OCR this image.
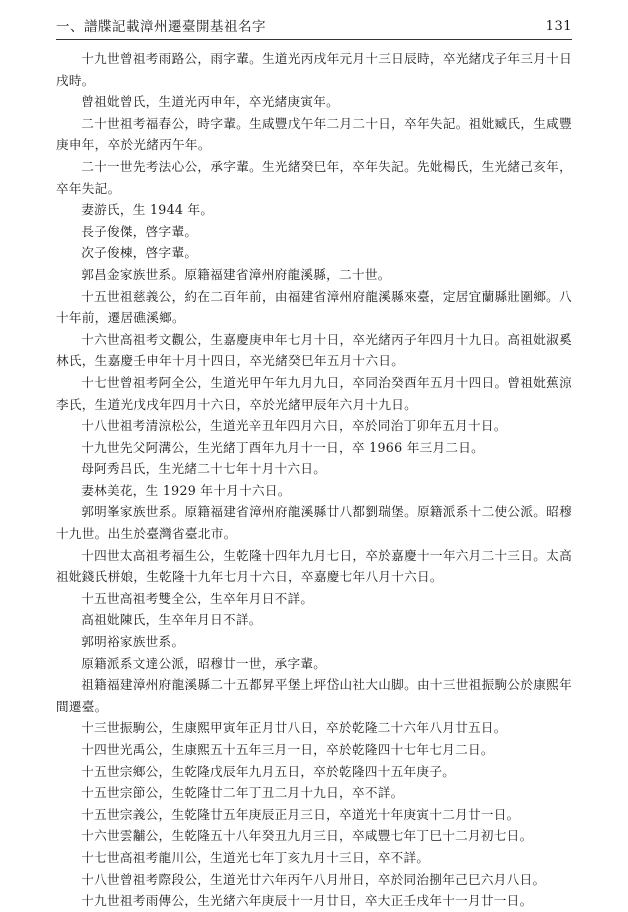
一、譜牒記載漳州遷臺開基祖名字	131

十九世曾祖考雨路公，雨字輩。生道光丙戌年元月十三日辰時，卒光緒戊子年三月十日戌時。

曾祖妣曾氏，生道光丙申年，卒光緒庚寅年。

二十世祖考福春公，時字輩。生咸豐戊午年二月二十日，卒年失記。祖妣臧氏，生咸豐庚申年，卒於光緒丙午年。

二十一世先考法心公，承字輩。生光緒癸巳年，卒年失記。先妣楊氏，生光緒己亥年，卒年失記。

妻游氏，生 1944 年。

長子俊傑，啓字輩。

次子俊棟，啓字輩。

郭昌金家族世系。原籍福建省漳州府龍溪縣，二十世。

十五世祖慈義公，約在二百年前，由福建省漳州府龍溪縣來臺，定居宜蘭縣壯圍鄉。八十年前，遷居礁溪鄉。

十六世高祖考文觀公，生嘉慶庚申年七月十日，卒光緒丙子年四月十九日。高祖妣淑奚林氏，生嘉慶壬申年十月十四日，卒光緒癸巳年五月十六日。

十七世曾祖考阿全公，生道光甲午年九月九日，卒同治癸酉年五月十四日。曾祖妣蕉涼李氏，生道光戊戌年四月十六日，卒於光緒甲辰年六月十九日。

十八世祖考清涼松公，生道光辛丑年四月六日，卒於同治丁卯年五月十日。

十九世先父阿溝公，生光緒丁酉年九月十一日，卒 1966 年三月二日。

母阿秀吕氏，生光緒二十七年十月十六日。

妻林美花，生 1929 年十月十六日。

郭明峯家族世系。原籍福建省漳州府龍溪縣廿八都劉瑞堡。原籍派系十二使公派。昭穆十九世。出生於臺灣省臺北市。

十四世太高祖考福生公，生乾隆十四年九月七日，卒於嘉慶十一年六月二十三日。太高祖妣錢氏栟娘，生乾隆十九年七月十六日，卒嘉慶七年八月十六日。

十五世高祖考雙全公，生卒年月日不詳。

高祖妣陳氏，生卒年月日不詳。

郭明裕家族世系。

原籍派系文達公派，昭穆廿一世，承字輩。

祖籍福建漳州府龍溪縣二十五都昇平堡上坪岱山社大山脚。由十三世祖振駒公於康熙年間遷臺。

十三世振駒公，生康熙甲寅年正月廿八日，卒於乾隆二十六年八月廿五日。

十四世光禹公，生康熙五十五年三月一日，卒於乾隆四十七年七月二日。

十五世宗鄉公，生乾隆戊辰年九月五日，卒於乾隆四十五年庚子。

十五世宗節公，生乾隆廿二年丁丑二月十九日，卒不詳。

十五世宗義公，生乾隆廿五年庚辰正月三日，卒道光十年庚寅十二月廿一日。

十六世雲黼公，生乾隆五十八年癸丑九月三日，卒咸豐七年丁巳十二月初七日。

十七世高祖考龍川公，生道光七年丁亥九月十三日，卒不詳。

十八世曾祖考際段公，生道光廿六年丙午八月卅日，卒於同治捌年己巳六月八日。

十九世祖考雨傳公，生光緒六年庚辰十一月廿日，卒大正壬戌年十一月廿一日。
